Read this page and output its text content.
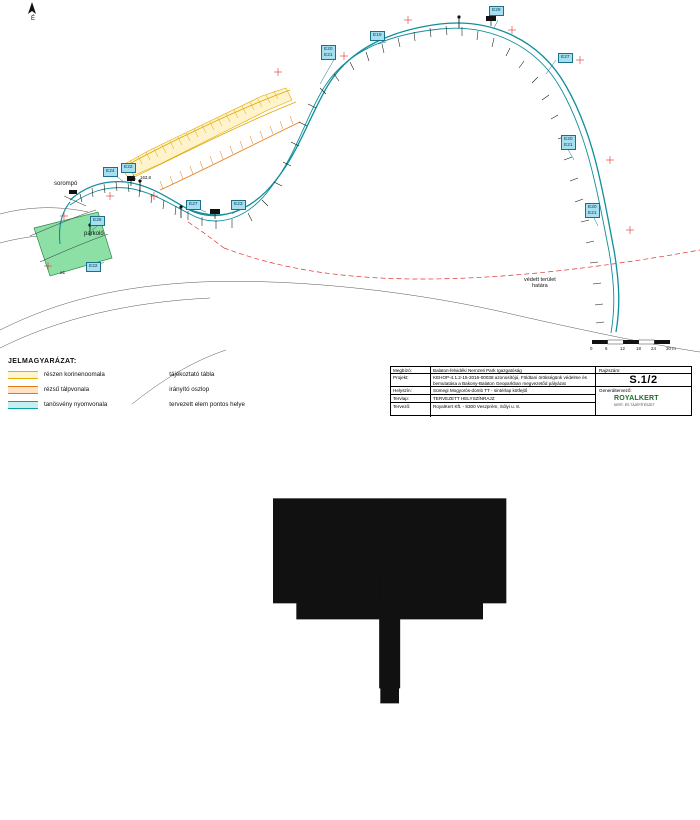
É
E29
E19
E20
E21	E27
E20
E21
E20
E21
E24
E22
E27	E23
E25
E22
sorompó
parkoló
védett terület
határa
163,8
ø1
0	6	12	18 24 30 m
JELMAGYARÁZAT:
részen korinenoomala
rézsű tálpvonala
tanösvény nyomvonala
tájékoztató tábla
irányító oszlop
tervezett elem pontos helye
Megbízó:	Balaton-felvidéki Nemzeti Park Igazgatóság
Projekt:	KEHOP-4.1.2-15-2016-00038 azonosítójú, Földtani örökségünk védelme és bemutatása a Bakony-Balaton Geoparkban megvezetőd pályázat
Helyszín:	Sümegi Mogyorós-domb TT - sintérlap kötfejtő
Tervlap:	TERVEZETT HELYSZÍNRAJZ
Tervező:	RoyalKert Kft. - 8300 Veszprém, Sólyi u. 8.
Rajzszám:
S.1/2
Generáltervező:
ROYALKERT
KERT- ÉS TÁJÉPÍTÉSZET
